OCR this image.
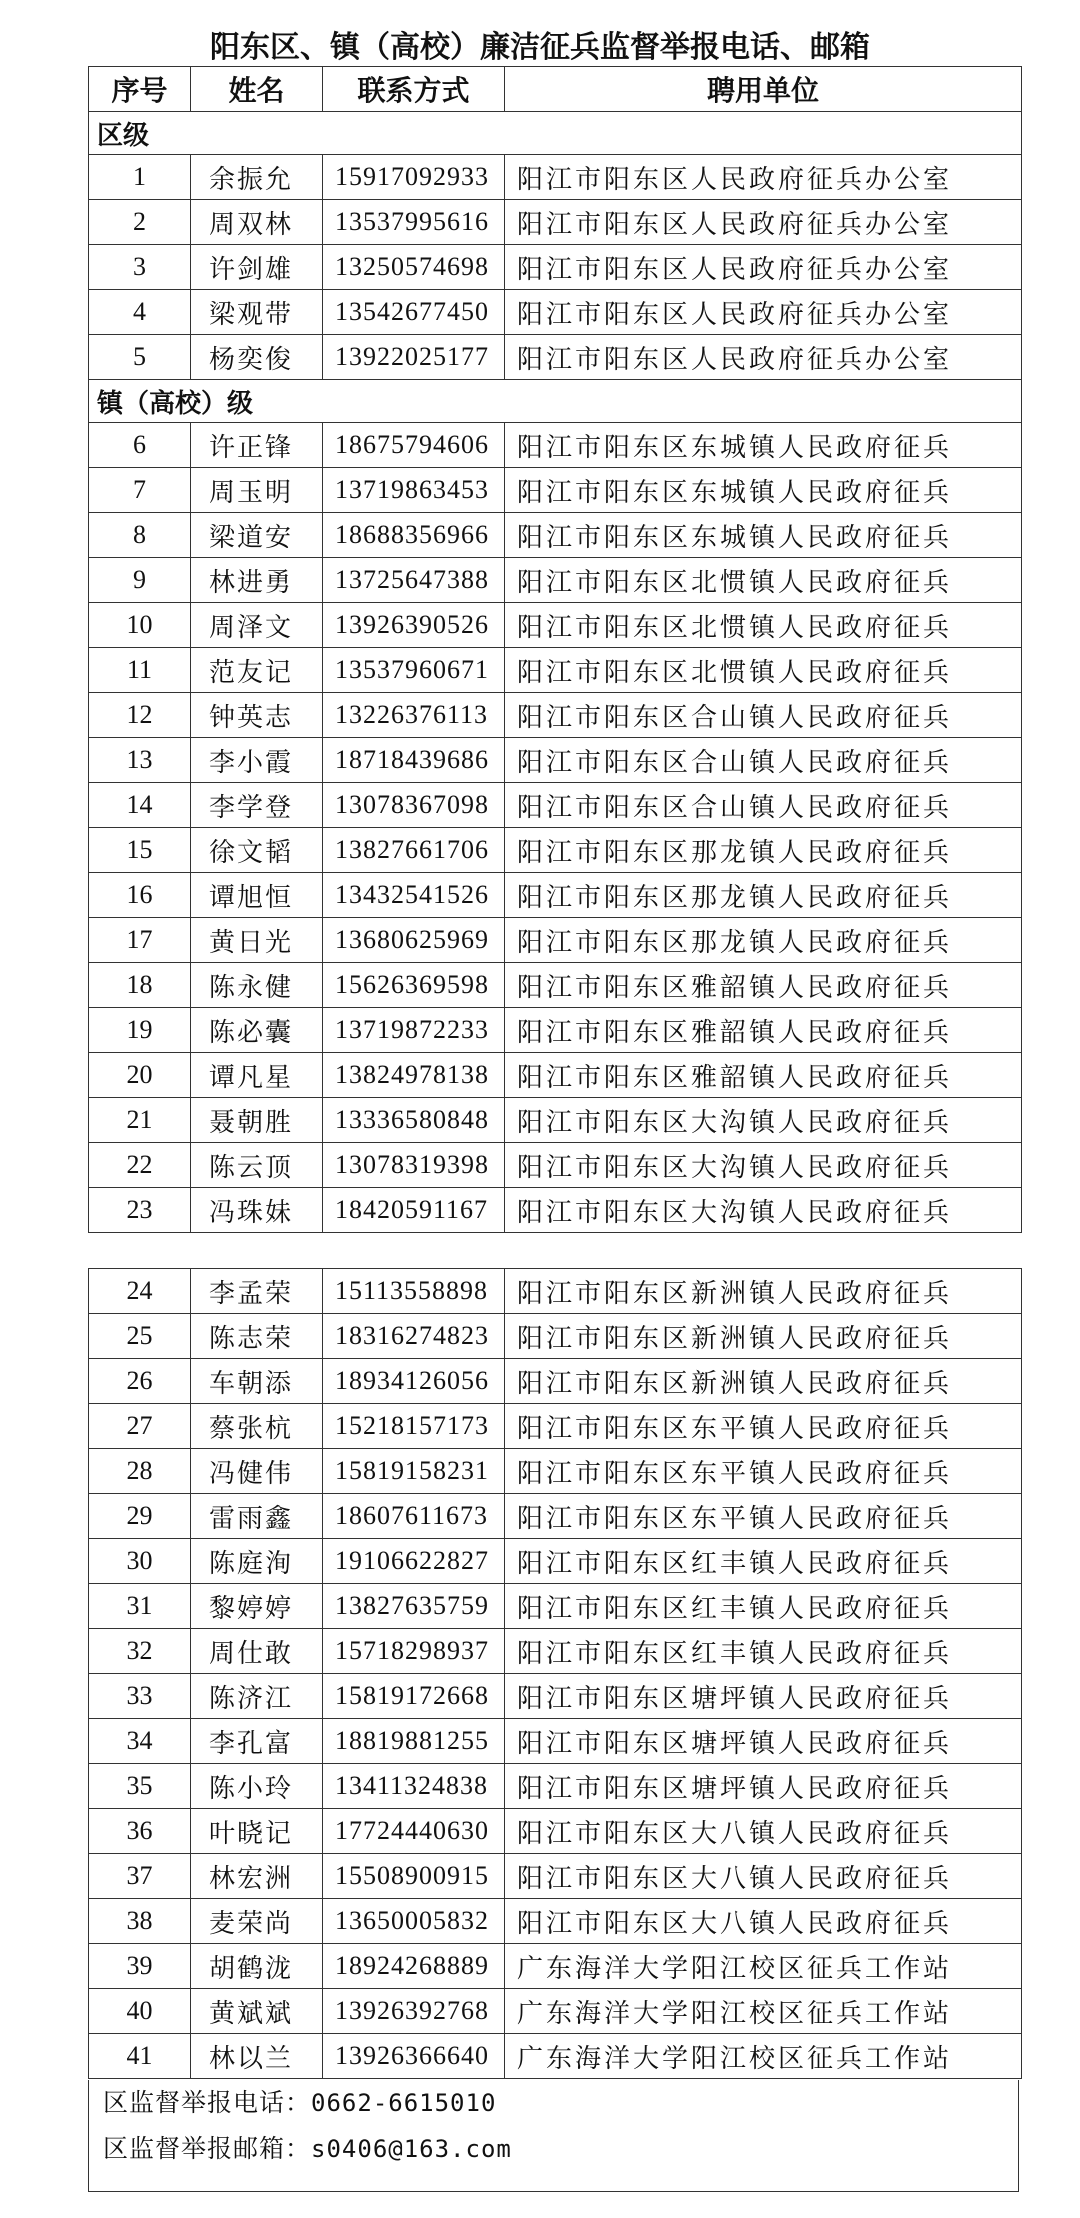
阳东区、镇（高校）廉洁征兵监督举报电话、邮箱
序号	姓名	联系方式	聘用单位
区级			
1	余振允	15917092933	阳江市阳东区人民政府征兵办公室
2	周双林	13537995616	阳江市阳东区人民政府征兵办公室
3	许剑雄	13250574698	阳江市阳东区人民政府征兵办公室
4	梁观带	13542677450	阳江市阳东区人民政府征兵办公室
5	杨奕俊	13922025177	阳江市阳东区人民政府征兵办公室
镇（高校）级			
6	许正锋	18675794606	阳江市阳东区东城镇人民政府征兵
7	周玉明	13719863453	阳江市阳东区东城镇人民政府征兵
8	梁道安	18688356966	阳江市阳东区东城镇人民政府征兵
9	林进勇	13725647388	阳江市阳东区北惯镇人民政府征兵
10	周泽文	13926390526	阳江市阳东区北惯镇人民政府征兵
11	范友记	13537960671	阳江市阳东区北惯镇人民政府征兵
12	钟英志	13226376113	阳江市阳东区合山镇人民政府征兵
13	李小霞	18718439686	阳江市阳东区合山镇人民政府征兵
14	李学登	13078367098	阳江市阳东区合山镇人民政府征兵
15	徐文韬	13827661706	阳江市阳东区那龙镇人民政府征兵
16	谭旭恒	13432541526	阳江市阳东区那龙镇人民政府征兵
17	黄日光	13680625969	阳江市阳东区那龙镇人民政府征兵
18	陈永健	15626369598	阳江市阳东区雅韶镇人民政府征兵
19	陈必囊	13719872233	阳江市阳东区雅韶镇人民政府征兵
20	谭凡星	13824978138	阳江市阳东区雅韶镇人民政府征兵
21	聂朝胜	13336580848	阳江市阳东区大沟镇人民政府征兵
22	陈云顶	13078319398	阳江市阳东区大沟镇人民政府征兵
23	冯珠妹	18420591167	阳江市阳东区大沟镇人民政府征兵
24	李孟荣	15113558898	阳江市阳东区新洲镇人民政府征兵
25	陈志荣	18316274823	阳江市阳东区新洲镇人民政府征兵
26	车朝添	18934126056	阳江市阳东区新洲镇人民政府征兵
27	蔡张杭	15218157173	阳江市阳东区东平镇人民政府征兵
28	冯健伟	15819158231	阳江市阳东区东平镇人民政府征兵
29	雷雨鑫	18607611673	阳江市阳东区东平镇人民政府征兵
30	陈庭洵	19106622827	阳江市阳东区红丰镇人民政府征兵
31	黎婷婷	13827635759	阳江市阳东区红丰镇人民政府征兵
32	周仕敢	15718298937	阳江市阳东区红丰镇人民政府征兵
33	陈济江	15819172668	阳江市阳东区塘坪镇人民政府征兵
34	李孔富	18819881255	阳江市阳东区塘坪镇人民政府征兵
35	陈小玲	13411324838	阳江市阳东区塘坪镇人民政府征兵
36	叶晓记	17724440630	阳江市阳东区大八镇人民政府征兵
37	林宏洲	15508900915	阳江市阳东区大八镇人民政府征兵
38	麦荣尚	13650005832	阳江市阳东区大八镇人民政府征兵
39	胡鹤泷	18924268889	广东海洋大学阳江校区征兵工作站
40	黄斌斌	13926392768	广东海洋大学阳江校区征兵工作站
41	林以兰	13926366640	广东海洋大学阳江校区征兵工作站
区监督举报电话：0662-6615010
区监督举报邮箱：s0406@163.com
